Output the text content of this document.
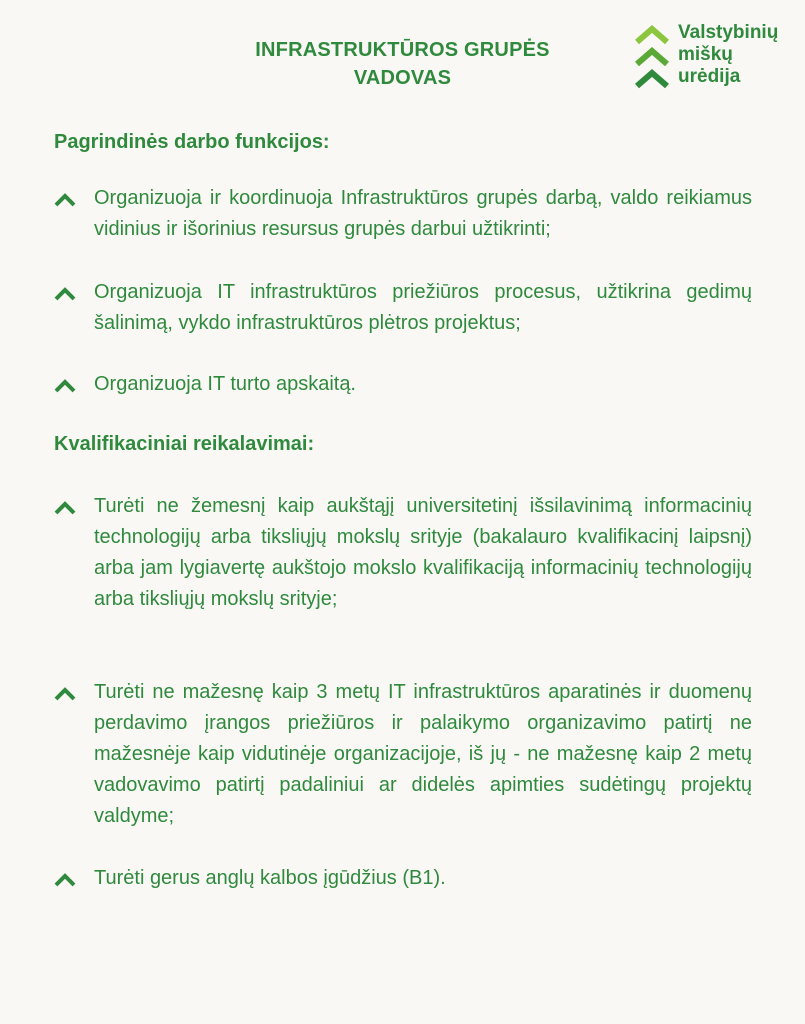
INFRASTRUKTŪROS GRUPĖS
VADOVAS
Valstybinių
miškų
urėdija
Pagrindinės darbo funkcijos:
Organizuoja ir koordinuoja Infrastruktūros grupės darbą, valdo reikiamus vidinius ir išorinius resursus grupės darbui užtikrinti;
Organizuoja IT infrastruktūros priežiūros procesus, užtikrina gedimų šalinimą, vykdo infrastruktūros plėtros projektus;
Organizuoja IT turto apskaitą.
Kvalifikaciniai reikalavimai:
Turėti ne žemesnį kaip aukštąjį universitetinį išsilavinimą informacinių technologijų arba tiksliųjų mokslų srityje (bakalauro kvalifikacinį laipsnį) arba jam lygiavertę aukštojo mokslo kvalifikaciją informacinių technologijų arba tiksliųjų mokslų srityje;
Turėti ne mažesnę kaip 3 metų IT infrastruktūros aparatinės ir duomenų perdavimo įrangos priežiūros ir palaikymo organizavimo patirtį ne mažesnėje kaip vidutinėje organizacijoje, iš jų - ne mažesnę kaip 2 metų vadovavimo patirtį padaliniui ar didelės apimties sudėtingų projektų valdyme;
Turėti gerus anglų kalbos įgūdžius (B1).
